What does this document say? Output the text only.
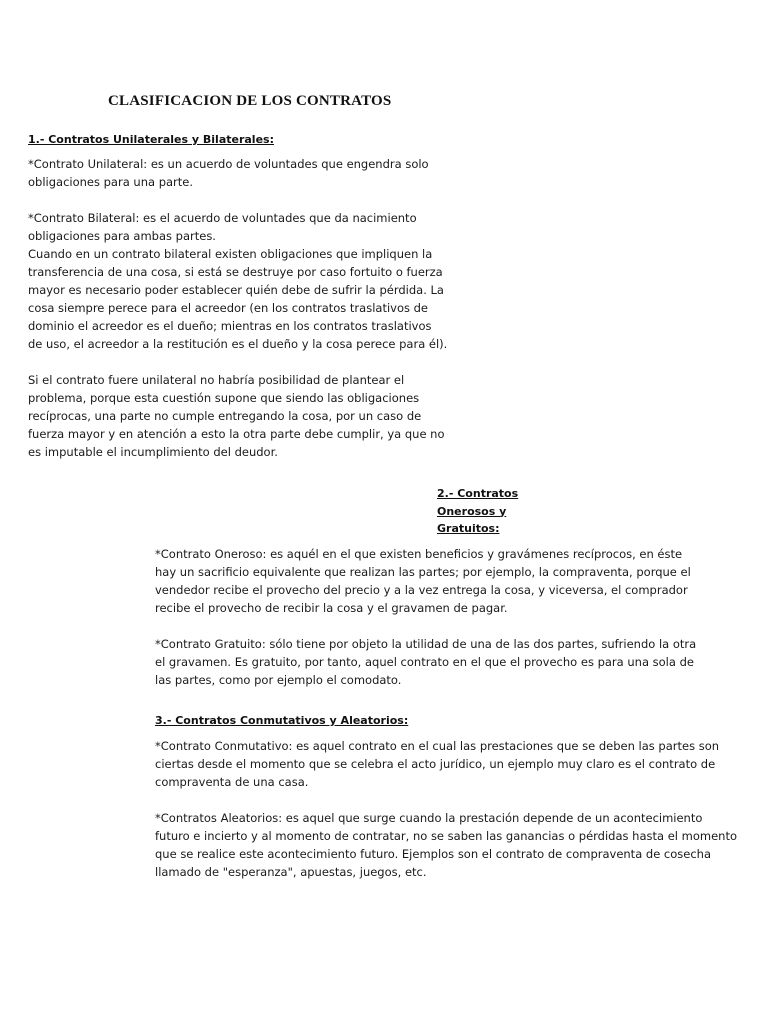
CLASIFICACION DE LOS CONTRATOS
1.- Contratos Unilaterales y Bilaterales:

*Contrato Unilateral: es un acuerdo de voluntades que engendra solo obligaciones para una parte.

*Contrato Bilateral: es el acuerdo de voluntades que da nacimiento obligaciones para ambas partes.

Cuando en un contrato bilateral existen obligaciones que impliquen la transferencia de una cosa, si está se destruye por caso fortuito o fuerza mayor es necesario poder establecer quién debe de sufrir la pérdida. La cosa siempre perece para el acreedor (en los contratos traslativos de dominio el acreedor es el dueño; mientras en los contratos traslativos de uso, el acreedor a la restitución es el dueño y la cosa perece para él).

Si el contrato fuere unilateral no habría posibilidad de plantear el problema, porque esta cuestión supone que siendo las obligaciones recíprocas, una parte no cumple entregando la cosa, por un caso de fuerza mayor y en atención a esto la otra parte debe cumplir, ya que no es imputable el incumplimiento del deudor.

2.- Contratos Onerosos y Gratuitos:

*Contrato Oneroso: es aquél en el que existen beneficios y gravámenes recíprocos, en éste hay un sacrificio equivalente que realizan las partes; por ejemplo, la compraventa, porque el vendedor recibe el provecho del precio y a la vez entrega la cosa, y viceversa, el comprador recibe el provecho de recibir la cosa y el gravamen de pagar.

*Contrato Gratuito: sólo tiene por objeto la utilidad de una de las dos partes, sufriendo la otra el gravamen. Es gratuito, por tanto, aquel contrato en el que el provecho es para una sola de las partes, como por ejemplo el comodato.

3.- Contratos Conmutativos y Aleatorios:

*Contrato Conmutativo: es aquel contrato en el cual las prestaciones que se deben las partes son ciertas desde el momento que se celebra el acto jurídico, un ejemplo muy claro es el contrato de compraventa de una casa.

*Contratos Aleatorios: es aquel que surge cuando la prestación depende de un acontecimiento futuro e incierto y al momento de contratar, no se saben las ganancias o pérdidas hasta el momento que se realice este acontecimiento futuro. Ejemplos son el contrato de compraventa de cosecha llamado de "esperanza", apuestas, juegos, etc.
